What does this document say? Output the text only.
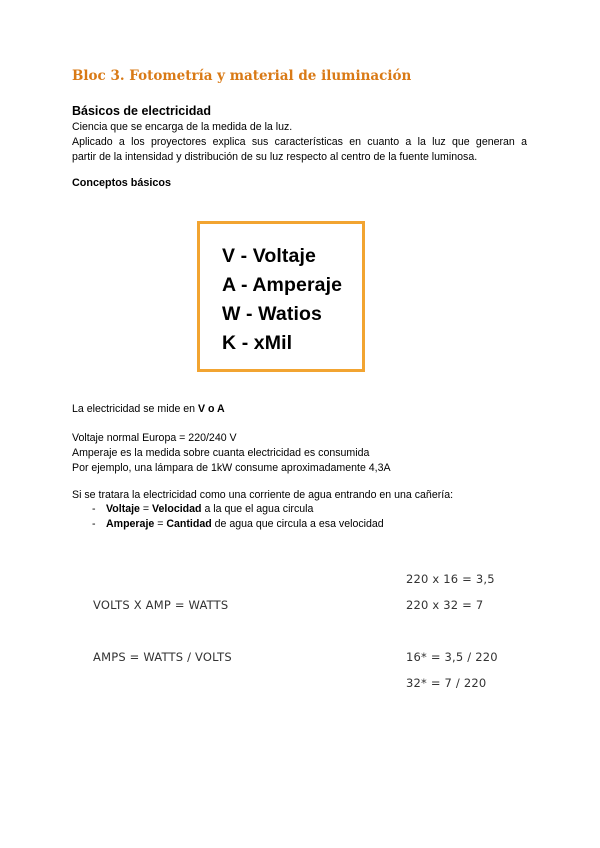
Bloc 3. Fotometría y material de iluminación
Básicos de electricidad
Ciencia que se encarga de la medida de la luz.
Aplicado a los proyectores explica sus características en cuanto a la luz que generan a
partir de la intensidad y distribución de su luz respecto al centro de la fuente luminosa.
Conceptos básicos
V - Voltaje
A - Amperaje
W - Watios
K - xMil
La electricidad se mide en V o A
Voltaje normal Europa = 220/240 V
Amperaje es la medida sobre cuanta electricidad es consumida
Por ejemplo, una lámpara de 1kW consume aproximadamente 4,3A
Si se tratara la electricidad como una corriente de agua entrando en una cañería:
- Voltaje = Velocidad a la que el agua circula
- Amperaje = Cantidad de agua que circula a esa velocidad
VOLTS X AMP = WATTS
AMPS = WATTS / VOLTS
220 x 16 = 3,5
220 x 32 = 7
16* = 3,5 / 220
32* = 7 / 220
